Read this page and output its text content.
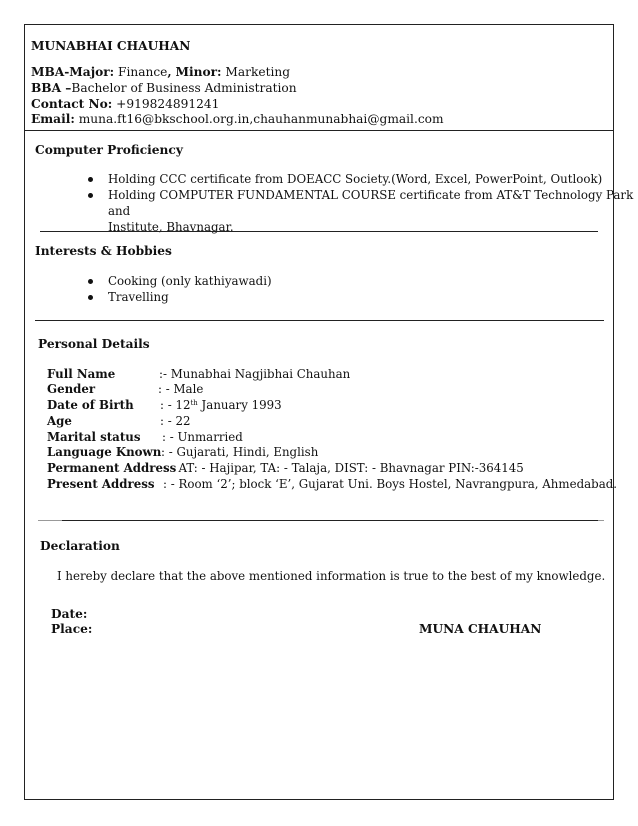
MUNABHAI CHAUHAN
MBA-Major: Finance, Minor: Marketing
BBA –Bachelor of Business Administration
Contact No: +919824891241
Email: muna.ft16@bkschool.org.in,chauhanmunabhai@gmail.com
Computer Proficiency
Holding CCC certificate from DOEACC Society.(Word, Excel, PowerPoint, Outlook)
Holding COMPUTER FUNDAMENTAL COURSE certificate from AT&T Technology Park and
Institute, Bhavnagar.
Interests & Hobbies
Cooking (only kathiyawadi)
Travelling
Personal Details
Full Name	:- Munabhai Nagjibhai Chauhan
Gender	: - Male
Date of Birth : - 12th January 1993
Age	: - 22
Marital status : - Unmarried
Language Known : - Gujarati, Hindi, English
Permanent Address
: - AT: - Hajipar, TA: - Talaja, DIST: - Bhavnagar PIN:-364145
Present Address : - Room ‘2’; block ‘E’, Gujarat Uni. Boys Hostel, Navrangpura, Ahmedabad.
Declaration
I hereby declare that the above mentioned information is true to the best of my knowledge.
Date:
Place:	MUNA CHAUHAN
